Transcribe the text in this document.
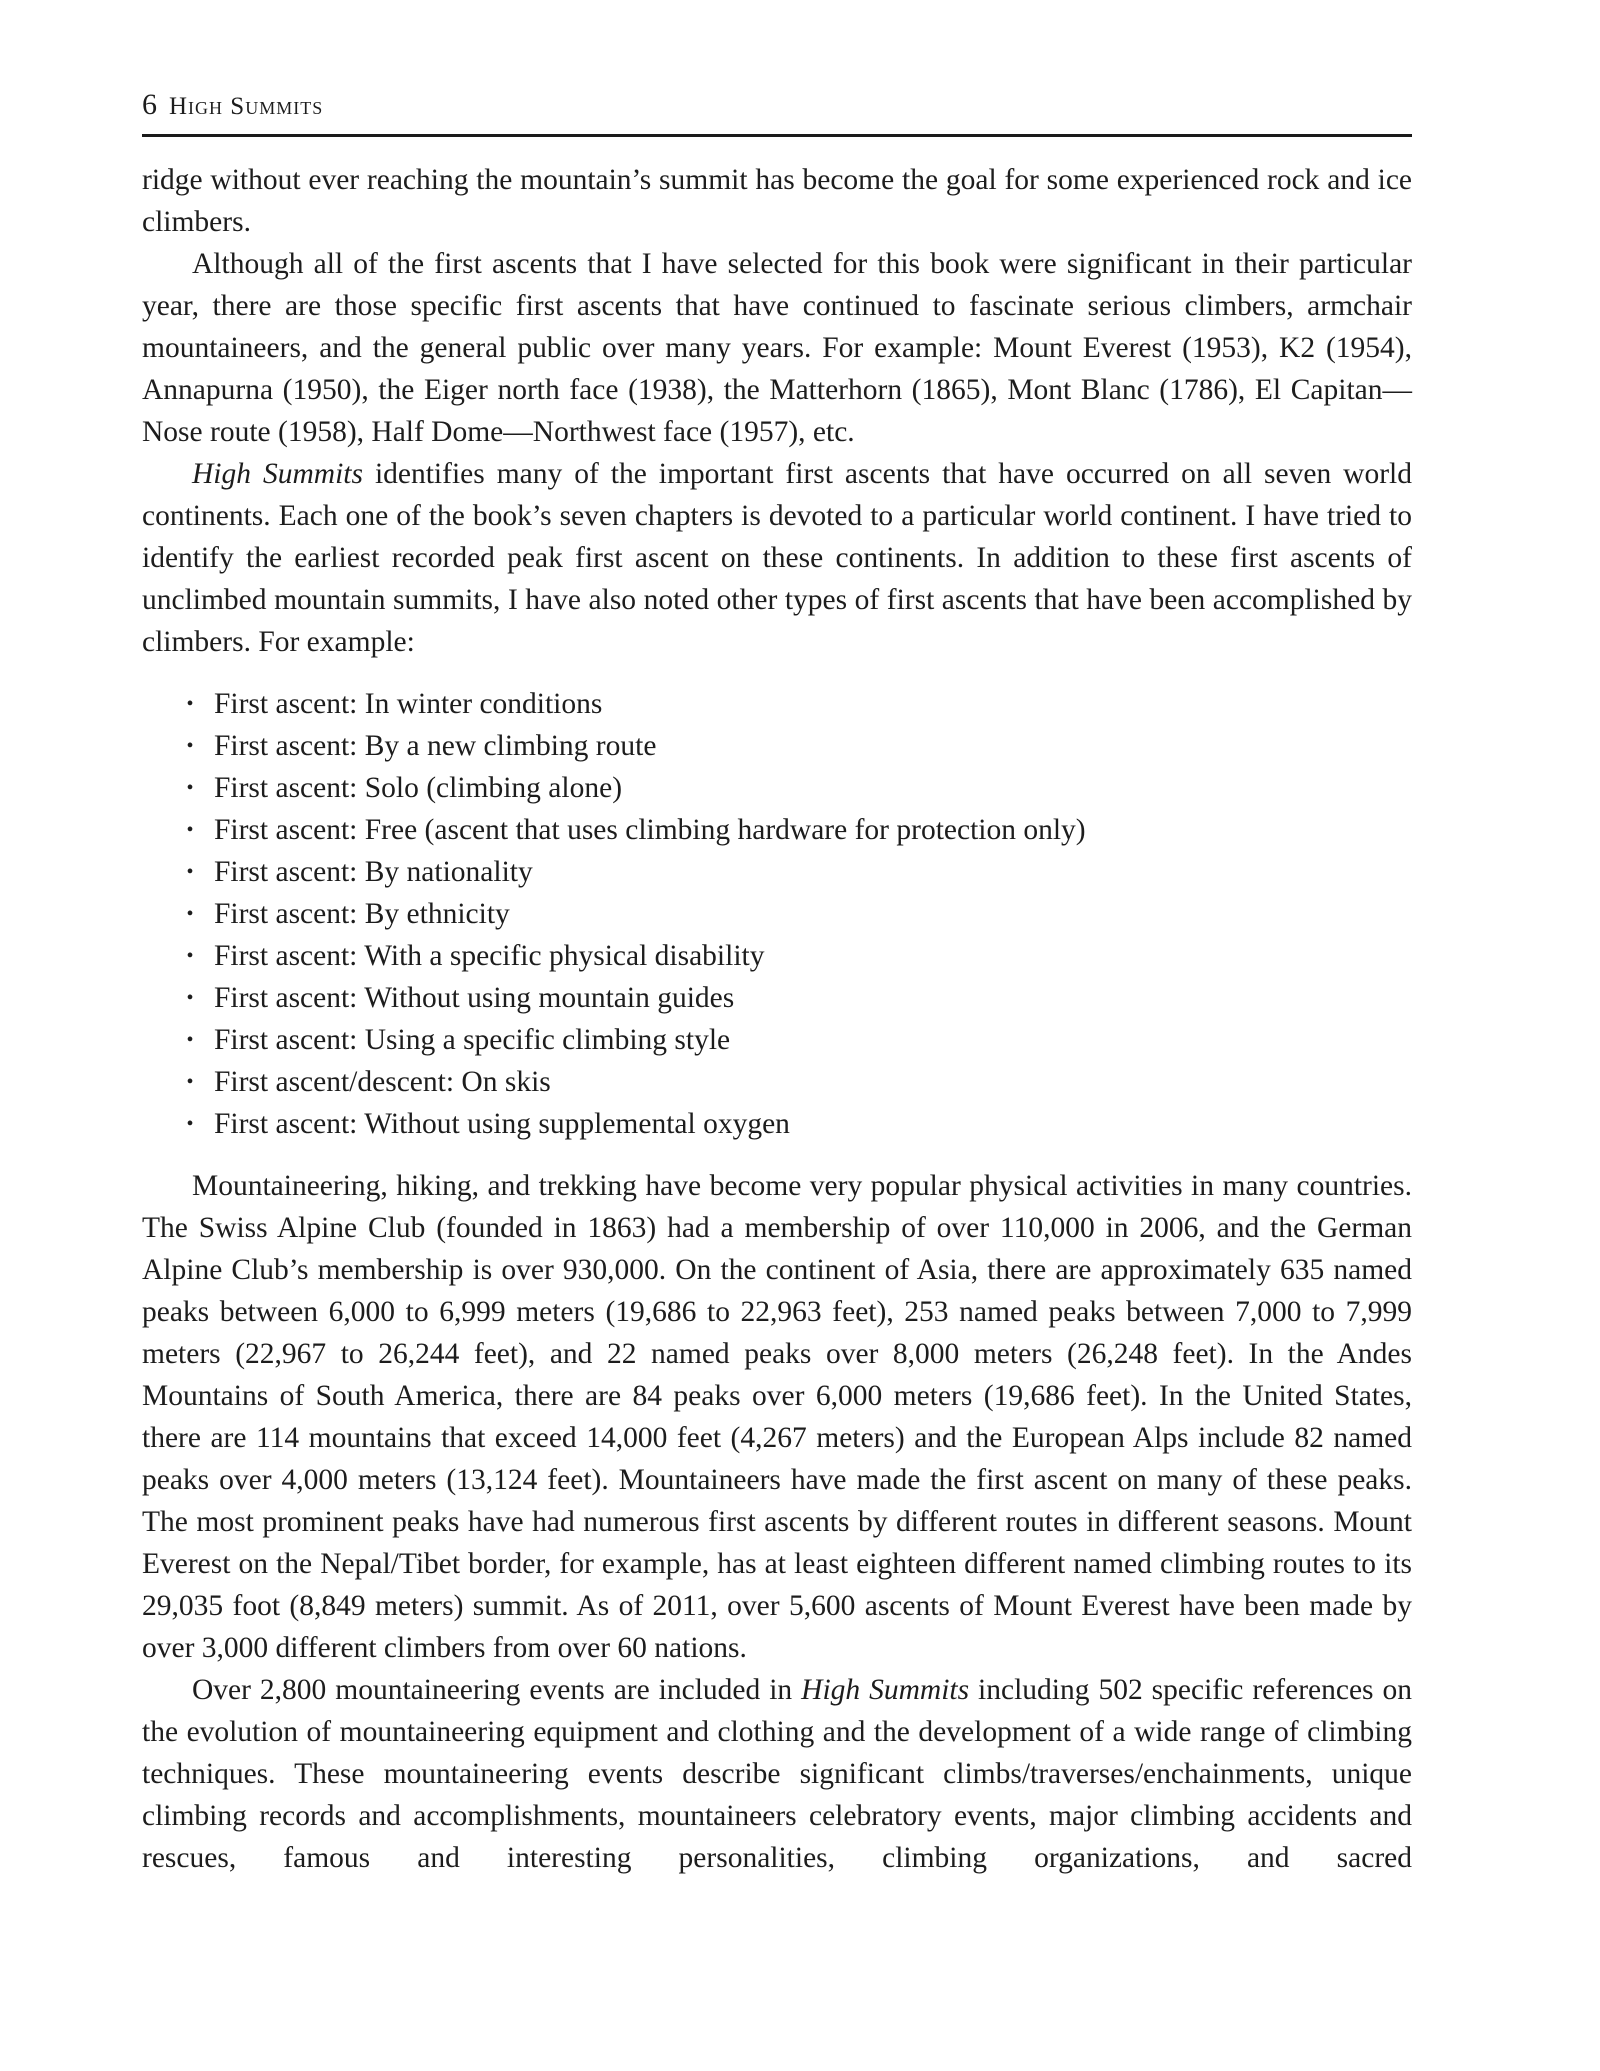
6 High Summits

ridge without ever reaching the mountain’s summit has become the goal for some experienced rock and ice climbers.

Although all of the first ascents that I have selected for this book were significant in their particular year, there are those specific first ascents that have continued to fascinate serious climbers, armchair mountaineers, and the general public over many years. For example: Mount Everest (1953), K2 (1954), Annapurna (1950), the Eiger north face (1938), the Matterhorn (1865), Mont Blanc (1786), El Capitan—Nose route (1958), Half Dome—Northwest face (1957), etc.

High Summits identifies many of the important first ascents that have occurred on all seven world continents. Each one of the book’s seven chapters is devoted to a particular world continent. I have tried to identify the earliest recorded peak first ascent on these continents. In addition to these first ascents of unclimbed mountain summits, I have also noted other types of first ascents that have been accomplished by climbers. For example:

• First ascent: In winter conditions
• First ascent: By a new climbing route
• First ascent: Solo (climbing alone)
• First ascent: Free (ascent that uses climbing hardware for protection only)
• First ascent: By nationality
• First ascent: By ethnicity
• First ascent: With a specific physical disability
• First ascent: Without using mountain guides
• First ascent: Using a specific climbing style
• First ascent/descent: On skis
• First ascent: Without using supplemental oxygen

Mountaineering, hiking, and trekking have become very popular physical activities in many countries. The Swiss Alpine Club (founded in 1863) had a membership of over 110,000 in 2006, and the German Alpine Club’s membership is over 930,000. On the continent of Asia, there are approximately 635 named peaks between 6,000 to 6,999 meters (19,686 to 22,963 feet), 253 named peaks between 7,000 to 7,999 meters (22,967 to 26,244 feet), and 22 named peaks over 8,000 meters (26,248 feet). In the Andes Mountains of South America, there are 84 peaks over 6,000 meters (19,686 feet). In the United States, there are 114 mountains that exceed 14,000 feet (4,267 meters) and the European Alps include 82 named peaks over 4,000 meters (13,124 feet). Mountaineers have made the first ascent on many of these peaks. The most prominent peaks have had numerous first ascents by different routes in different seasons. Mount Everest on the Nepal/Tibet border, for example, has at least eighteen different named climbing routes to its 29,035 foot (8,849 meters) summit. As of 2011, over 5,600 ascents of Mount Everest have been made by over 3,000 different climbers from over 60 nations.

Over 2,800 mountaineering events are included in High Summits including 502 specific references on the evolution of mountaineering equipment and clothing and the development of a wide range of climbing techniques. These mountaineering events describe significant climbs/traverses/enchainments, unique climbing records and accomplishments, mountaineers celebratory events, major climbing accidents and rescues, famous and interesting personalities, climbing organizations, and sacred
